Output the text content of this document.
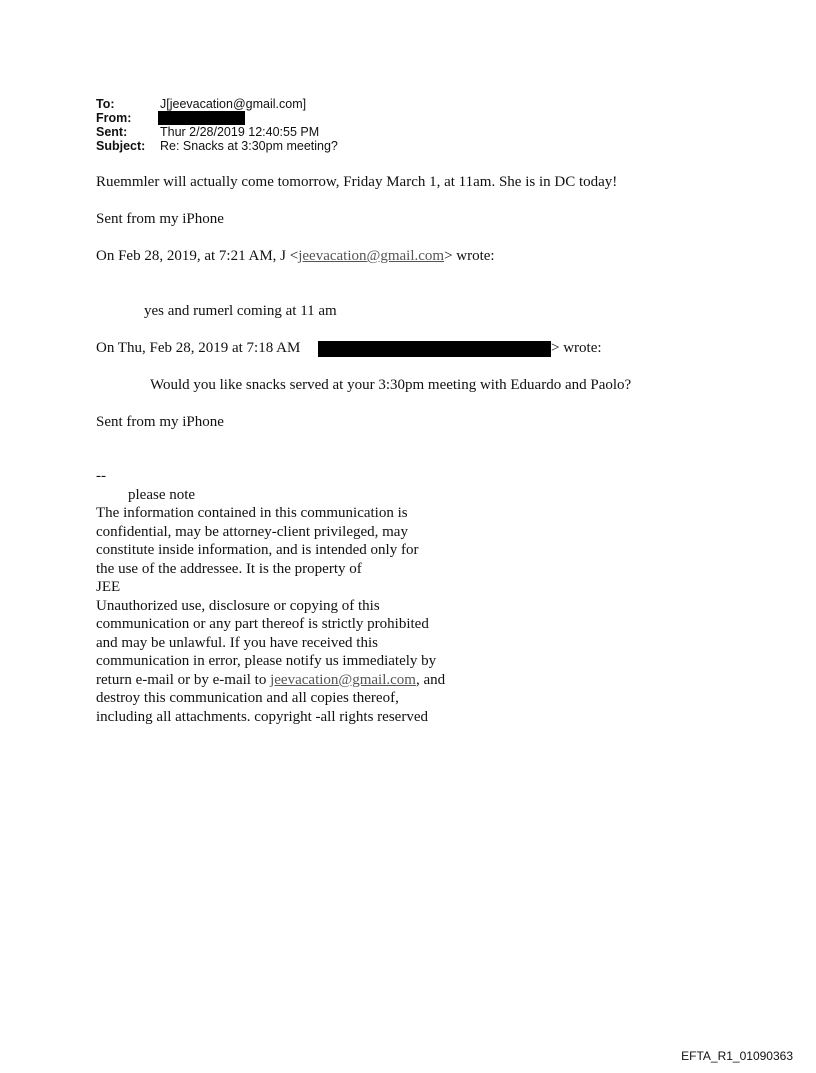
To:	J[jeevacation@gmail.com]
From:
Sent:	Thur 2/28/2019 12:40:55 PM
Subject:	Re: Snacks at 3:30pm meeting?
Ruemmler will actually come tomorrow, Friday March 1, at 11am. She is in DC today!
Sent from my iPhone
On Feb 28, 2019, at 7:21 AM, J <jeevacation@gmail.com> wrote:
yes and rumerl coming at 11 am
On Thu, Feb 28, 2019 at 7:18 AM	> wrote:
Would you like snacks served at your 3:30pm meeting with Eduardo and Paolo?
Sent from my iPhone
--
please note
The information contained in this communication is
confidential, may be attorney-client privileged, may
constitute inside information, and is intended only for
the use of the addressee. It is the property of
JEE
Unauthorized use, disclosure or copying of this
communication or any part thereof is strictly prohibited
and may be unlawful. If you have received this
communication in error, please notify us immediately by
return e-mail or by e-mail to jeevacation@gmail.com, and
destroy this communication and all copies thereof,
including all attachments. copyright -all rights reserved
EFTA_R1_01090363
